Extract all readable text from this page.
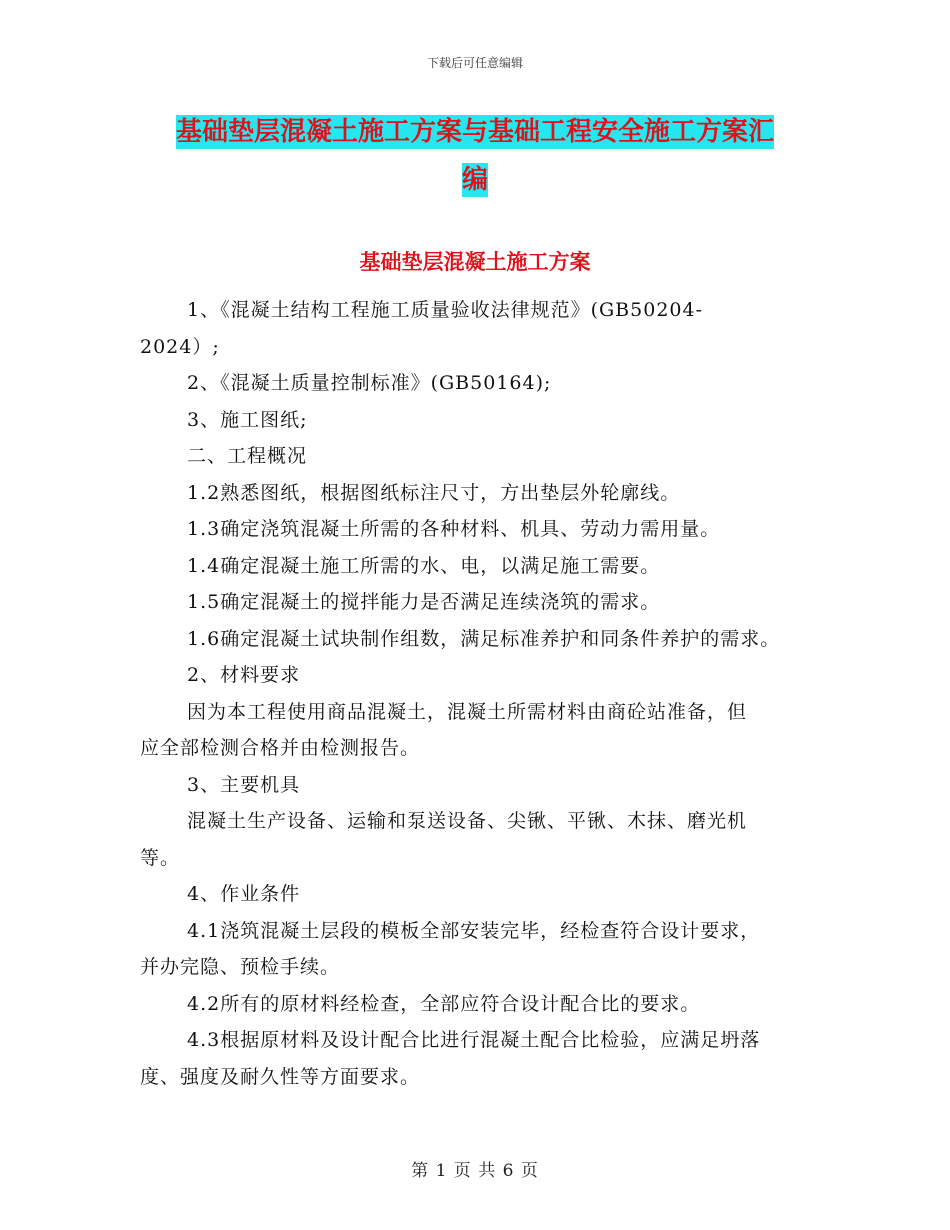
下载后可任意编辑
基础垫层混凝土施工方案与基础工程安全施工方案汇
编
基础垫层混凝土施工方案

1、《混凝土结构工程施工质量验收法律规范》(GB50204-
2024）;

2、《混凝土质量控制标准》(GB50164);

3、施工图纸;

二、工程概况

1.2熟悉图纸，根据图纸标注尺寸，方出垫层外轮廓线。

1.3确定浇筑混凝土所需的各种材料、机具、劳动力需用量。

1.4确定混凝土施工所需的水、电，以满足施工需要。

1.5确定混凝土的搅拌能力是否满足连续浇筑的需求。

1.6确定混凝土试块制作组数，满足标准养护和同条件养护的需求。

2、材料要求

因为本工程使用商品混凝土，混凝土所需材料由商砼站准备，但
应全部检测合格并由检测报告。

3、主要机具

混凝土生产设备、运输和泵送设备、尖锹、平锹、木抹、磨光机
等。

4、作业条件

4.1浇筑混凝土层段的模板全部安装完毕，经检查符合设计要求，
并办完隐、预检手续。

4.2所有的原材料经检查，全部应符合设计配合比的要求。

4.3根据原材料及设计配合比进行混凝土配合比检验，应满足坍落
度、强度及耐久性等方面要求。

第 1 页 共 6 页
